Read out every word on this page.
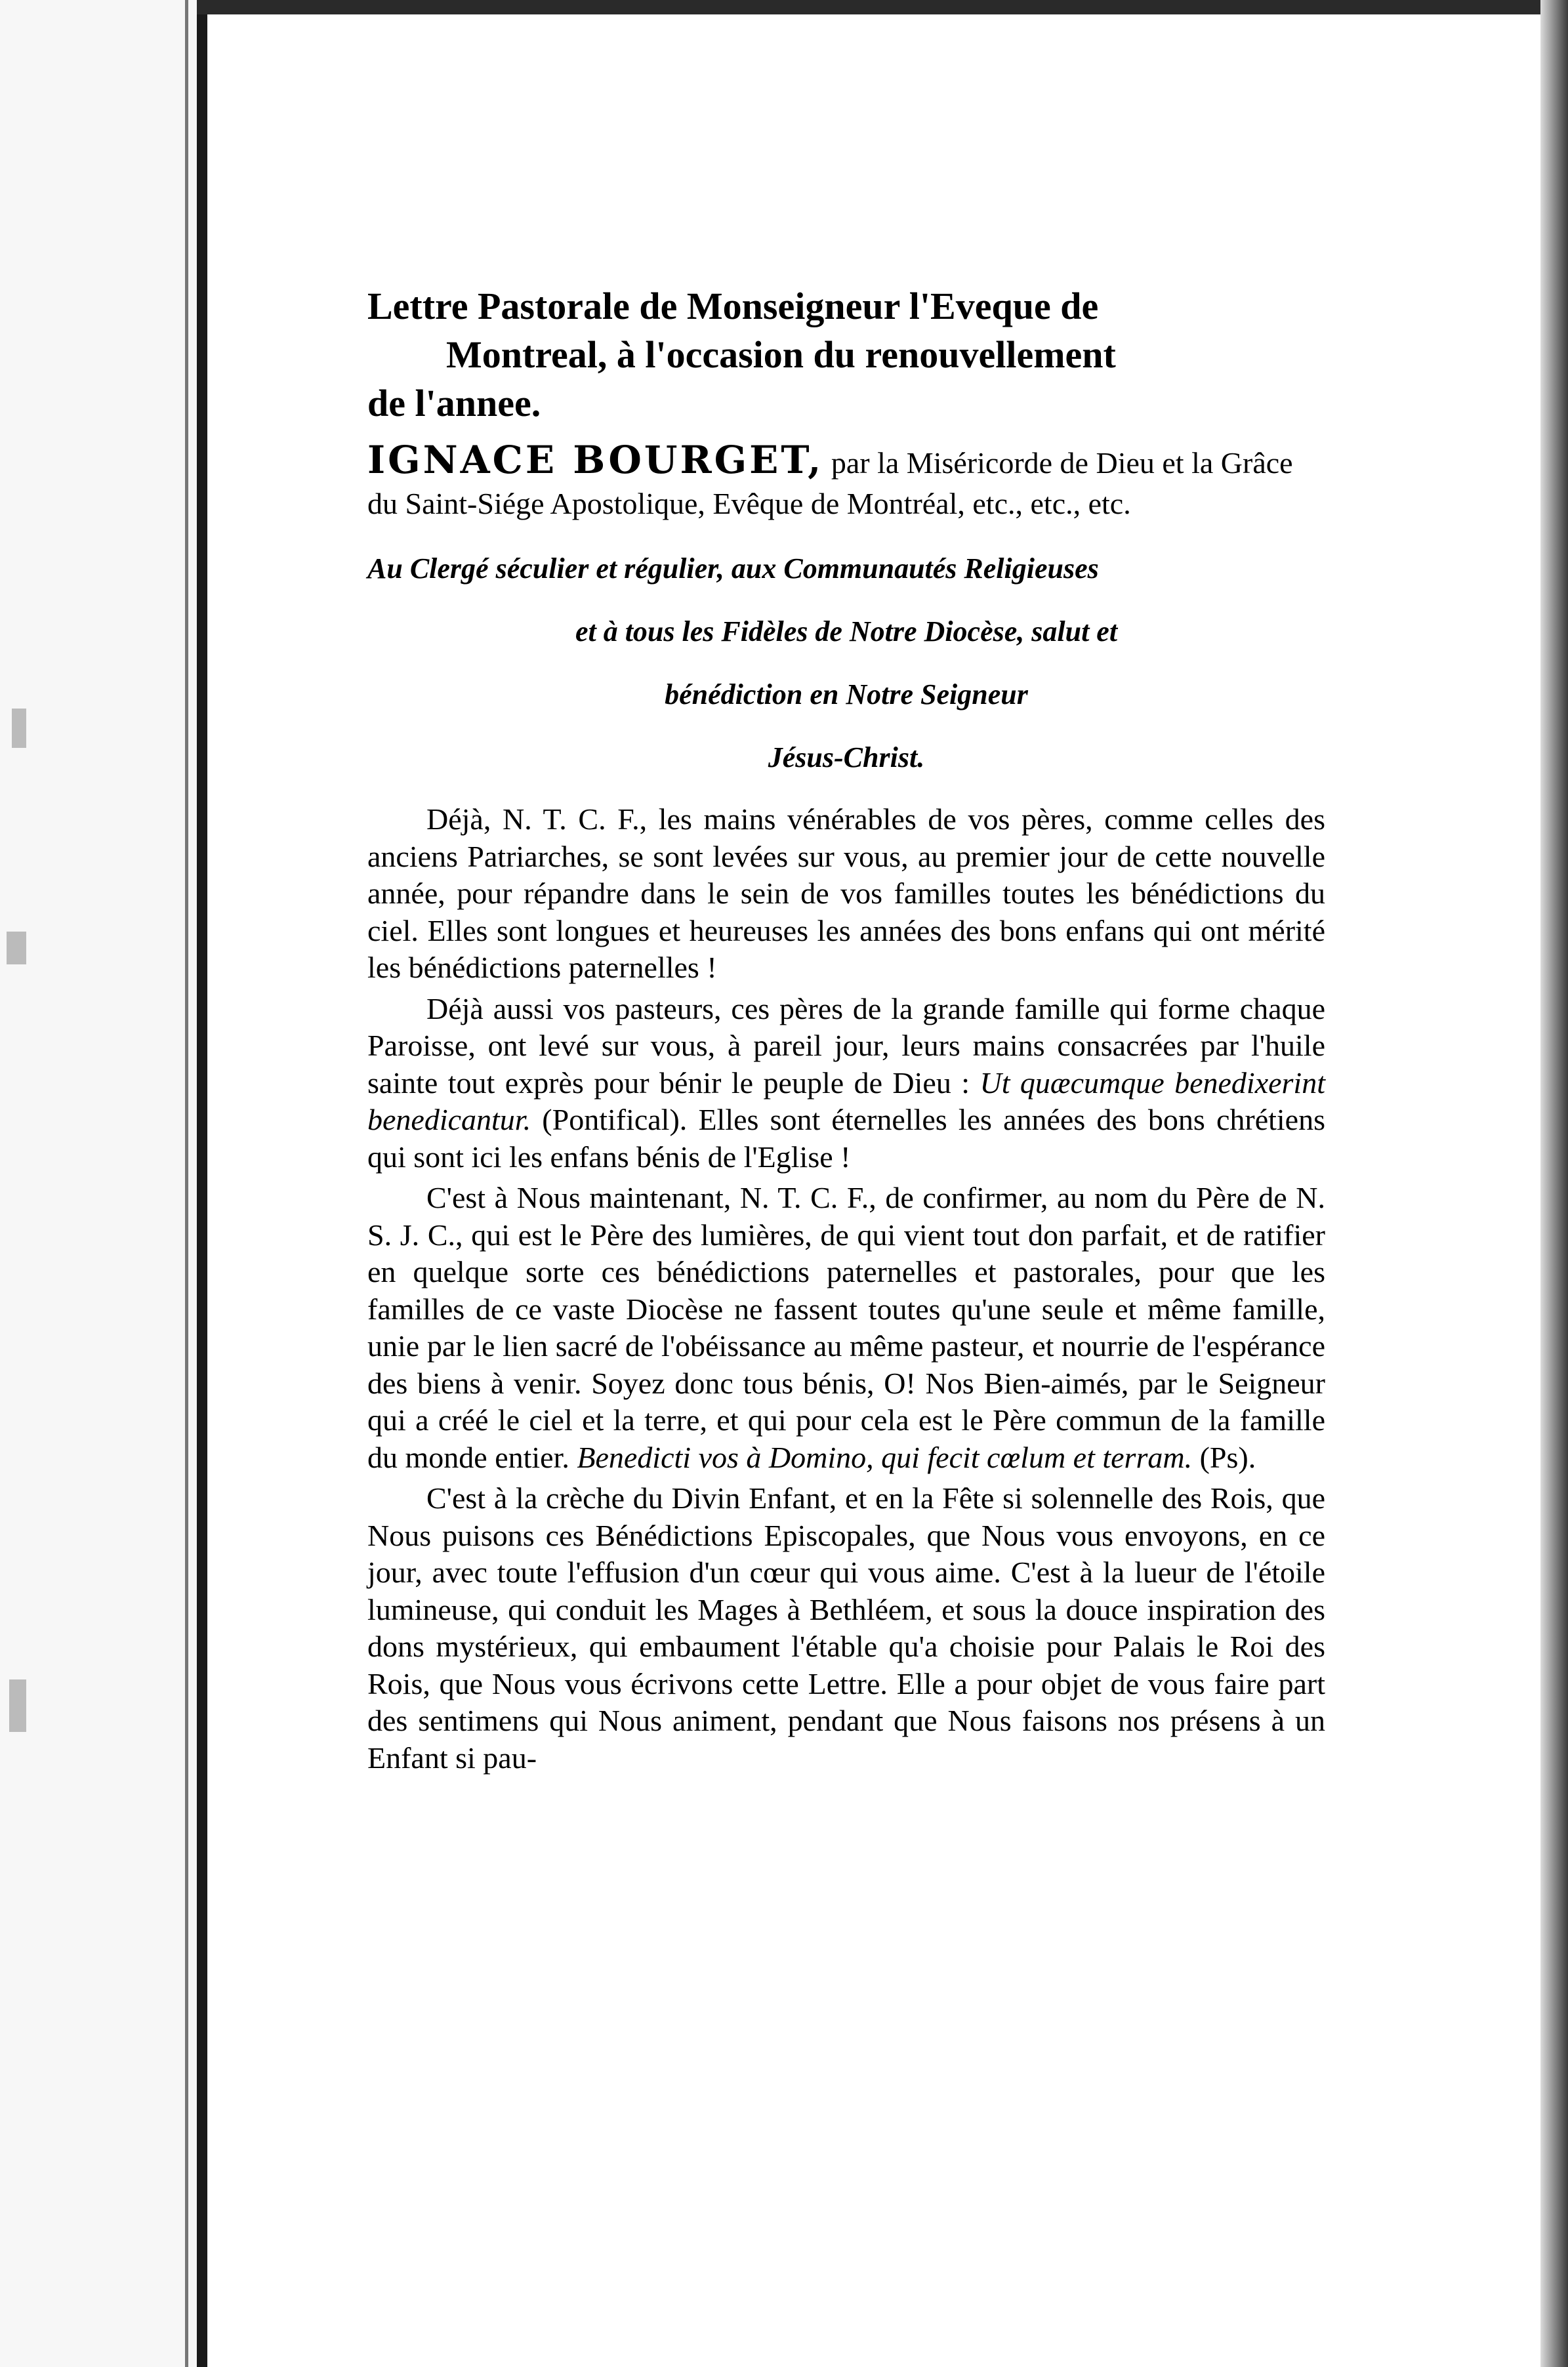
Lettre Pastorale de Monseigneur l'Eveque de
Montreal, à l'occasion du renouvellement
de l'annee.
IGNACE BOURGET, par la Miséricorde de Dieu et la Grâce du Saint-Siége Apostolique, Evêque de Montréal, etc., etc., etc.
Au Clergé séculier et régulier, aux Communautés Religieuses
et à tous les Fidèles de Notre Diocèse, salut et
bénédiction en Notre Seigneur
Jésus-Christ.

Déjà, N. T. C. F., les mains vénérables de vos pères, comme celles des anciens Patriarches, se sont levées sur vous, au premier jour de cette nouvelle année, pour répandre dans le sein de vos familles toutes les bénédictions du ciel. Elles sont longues et heureuses les années des bons enfans qui ont mérité les bénédictions paternelles !

Déjà aussi vos pasteurs, ces pères de la grande famille qui forme chaque Paroisse, ont levé sur vous, à pareil jour, leurs mains consacrées par l'huile sainte tout exprès pour bénir le peuple de Dieu : Ut quæcumque benedixerint benedicantur. (Pontifical). Elles sont éternelles les années des bons chrétiens qui sont ici les enfans bénis de l'Eglise !

C'est à Nous maintenant, N. T. C. F., de confirmer, au nom du Père de N. S. J. C., qui est le Père des lumières, de qui vient tout don parfait, et de ratifier en quelque sorte ces bénédictions paternelles et pastorales, pour que les familles de ce vaste Diocèse ne fassent toutes qu'une seule et même famille, unie par le lien sacré de l'obéissance au même pasteur, et nourrie de l'espérance des biens à venir. Soyez donc tous bénis, O! Nos Bien-aimés, par le Seigneur qui a créé le ciel et la terre, et qui pour cela est le Père commun de la famille du monde entier. Benedicti vos à Domino, qui fecit cœlum et terram. (Ps).

C'est à la crèche du Divin Enfant, et en la Fête si solennelle des Rois, que Nous puisons ces Bénédictions Episcopales, que Nous vous envoyons, en ce jour, avec toute l'effusion d'un cœur qui vous aime. C'est à la lueur de l'étoile lumineuse, qui conduit les Mages à Bethléem, et sous la douce inspiration des dons mystérieux, qui embaument l'étable qu'a choisie pour Palais le Roi des Rois, que Nous vous écrivons cette Lettre. Elle a pour objet de vous faire part des sentimens qui Nous animent, pendant que Nous faisons nos présens à un Enfant si pau-
